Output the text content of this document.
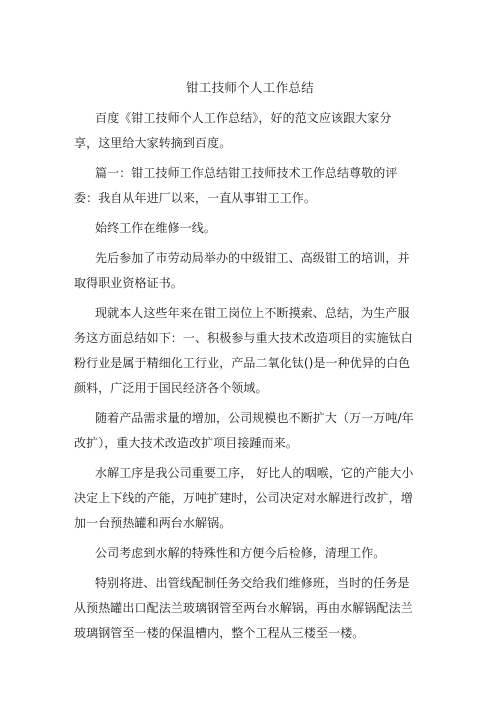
钳工技师个人工作总结

百度《钳工技师个人工作总结》，好的范文应该跟大家分享，这里给大家转摘到百度。

篇一：钳工技师工作总结钳工技师技术工作总结尊敬的评委：我自从年进厂以来，一直从事钳工工作。

始终工作在维修一线。

先后参加了市劳动局举办的中级钳工、高级钳工的培训，并取得职业资格证书。

现就本人这些年来在钳工岗位上不断摸索、总结，为生产服务这方面总结如下：一、积极参与重大技术改造项目的实施钛白粉行业是属于精细化工行业，产品二氧化钛()是一种优异的白色颜料，广泛用于国民经济各个领域。

随着产品需求量的增加，公司规模也不断扩大（万一万吨/年改扩），重大技术改造改扩项目接踵而来。

水解工序是我公司重要工序， 好比人的咽喉，它的产能大小决定上下线的产能，万吨扩建时，公司决定对水解进行改扩，增加一台预热罐和两台水解锅。

公司考虑到水解的特殊性和方便今后检修，清理工作。

特别将进、出管线配制任务交给我们维修班，当时的任务是从预热罐出口配法兰玻璃钢管至两台水解锅，再由水解锅配法兰玻璃钢管至一楼的保温槽内，整个工程从三楼至一楼。
